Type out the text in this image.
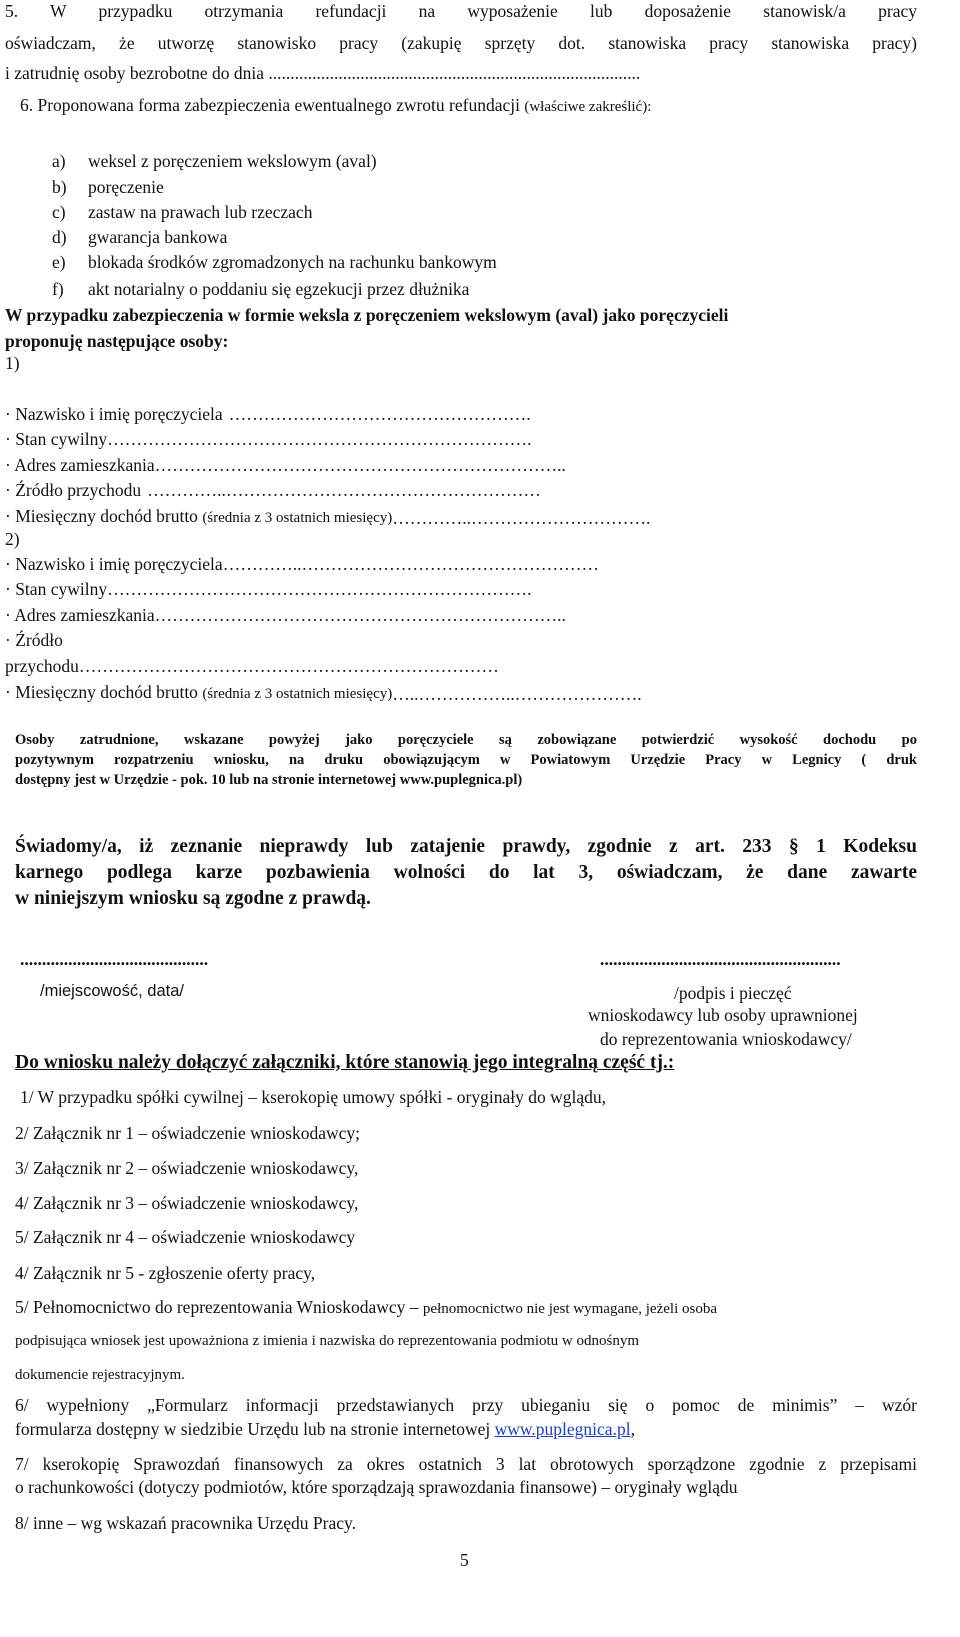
5. W przypadku otrzymania refundacji na wyposażenie lub doposażenie stanowisk/a pracy
oświadczam, że utworzę stanowisko pracy (zakupię sprzęty dot. stanowiska pracy stanowiska pracy)
i zatrudnię osoby bezrobotne do dnia .....................................................................................
6. Proponowana forma zabezpieczenia ewentualnego zwrotu refundacji (właściwe zakreślić):
a) weksel z poręczeniem wekslowym (aval)
b) poręczenie
c) zastaw na prawach lub rzeczach
d) gwarancja bankowa
e) blokada środków zgromadzonych na rachunku bankowym
f) akt notarialny o poddaniu się egzekucji przez dłużnika
W przypadku zabezpieczenia w formie weksla z poręczeniem wekslowym (aval) jako poręczycieli
proponuję następujące osoby:
1)
· Nazwisko i imię poręczyciela …………………………………………….
· Stan cywilny……………………………………………………………….
· Adres zamieszkania……………………………………………………………..
· Źródło przychodu …………..………………………………………………
· Miesięczny dochód brutto (średnia z 3 ostatnich miesięcy)…………..………………………….
2)
· Nazwisko i imię poręczyciela…………..……………………………………………
· Stan cywilny……………………………………………………………….
· Adres zamieszkania……………………………………………………………..
· Źródło
przychodu………………………………………………………………
· Miesięczny dochód brutto (średnia z 3 ostatnich miesięcy)…..……………..………………….
Osoby zatrudnione, wskazane powyżej jako poręczyciele są zobowiązane potwierdzić wysokość dochodu po
pozytywnym rozpatrzeniu wniosku, na druku obowiązującym w Powiatowym Urzędzie Pracy w Legnicy ( druk
dostępny jest w Urzędzie - pok. 10 lub na stronie internetowej www.puplegnica.pl)
Świadomy/a, iż zeznanie nieprawdy lub zatajenie prawdy, zgodnie z art. 233 § 1 Kodeksu
karnego podlega karze pozbawienia wolności do lat 3, oświadczam, że dane zawarte
w niniejszym wniosku są zgodne z prawdą.
...........................................	.......................................................
/miejscowość, data/	/podpis i pieczęć
wnioskodawcy lub osoby uprawnionej
do reprezentowania wnioskodawcy/
Do wniosku należy dołączyć załączniki, które stanowią jego integralną część tj.:
1/ W przypadku spółki cywilnej – kserokopię umowy spółki - oryginały do wglądu,
2/ Załącznik nr 1 – oświadczenie wnioskodawcy;
3/ Załącznik nr 2 – oświadczenie wnioskodawcy,
4/ Załącznik nr 3 – oświadczenie wnioskodawcy,
5/ Załącznik nr 4 – oświadczenie wnioskodawcy
4/ Załącznik nr 5 - zgłoszenie oferty pracy,
5/ Pełnomocnictwo do reprezentowania Wnioskodawcy – pełnomocnictwo nie jest wymagane, jeżeli osoba
podpisująca wniosek jest upoważniona z imienia i nazwiska do reprezentowania podmiotu w odnośnym
dokumencie rejestracyjnym.
6/ wypełniony „Formularz informacji przedstawianych przy ubieganiu się o pomoc de minimis” – wzór
formularza dostępny w siedzibie Urzędu lub na stronie internetowej www.puplegnica.pl,
7/ kserokopię Sprawozdań finansowych za okres ostatnich 3 lat obrotowych sporządzone zgodnie z przepisami
o rachunkowości (dotyczy podmiotów, które sporządzają sprawozdania finansowe) – oryginały wglądu
8/ inne – wg wskazań pracownika Urzędu Pracy.
5
